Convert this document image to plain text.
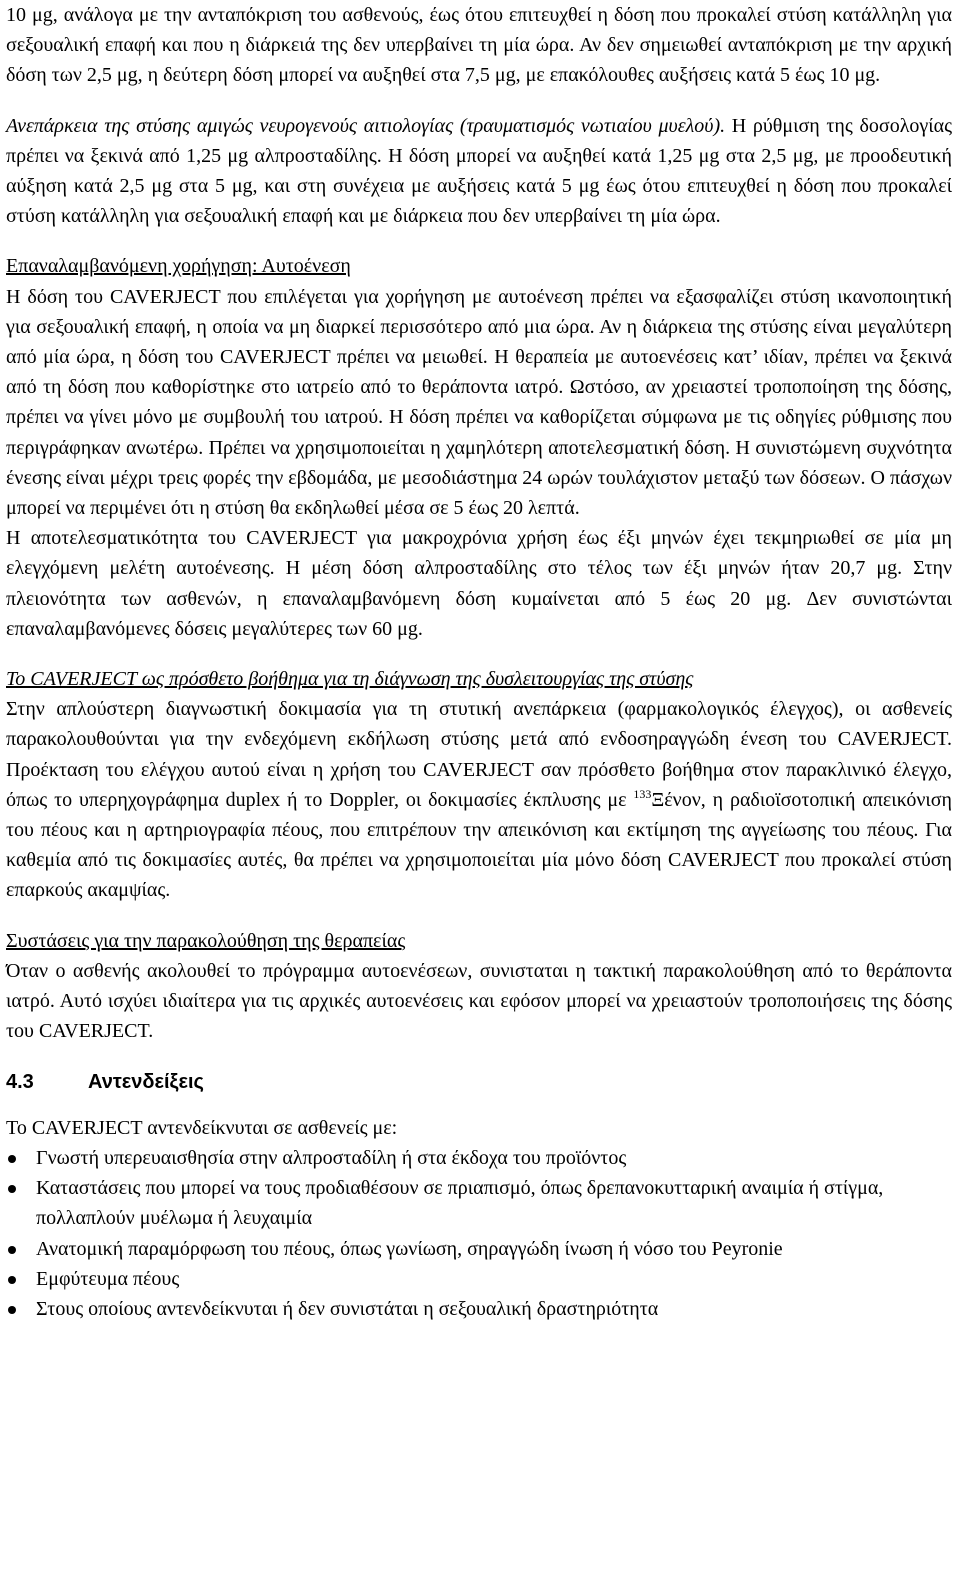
10 μg, ανάλογα με την ανταπόκριση του ασθενούς, έως ότου επιτευχθεί η δόση που προκαλεί στύση κατάλληλη για σεξουαλική επαφή και που η διάρκειά της δεν υπερβαίνει τη μία ώρα. Αν δεν σημειωθεί ανταπόκριση με την αρχική δόση των 2,5 μg, η δεύτερη δόση μπορεί να αυξηθεί στα 7,5 μg, με επακόλουθες αυξήσεις κατά 5 έως 10 μg.

Ανεπάρκεια της στύσης αμιγώς νευρογενούς αιτιολογίας (τραυματισμός νωτιαίου μυελού). Η ρύθμιση της δοσολογίας πρέπει να ξεκινά από 1,25 μg αλπροσταδίλης. Η δόση μπορεί να αυξηθεί κατά 1,25 μg στα 2,5 μg, με προοδευτική αύξηση κατά 2,5 μg στα 5 μg, και στη συνέχεια με αυξήσεις κατά 5 μg έως ότου επιτευχθεί η δόση που προκαλεί στύση κατάλληλη για σεξουαλική επαφή και με διάρκεια που δεν υπερβαίνει τη μία ώρα.

Επαναλαμβανόμενη χορήγηση: Αυτοένεση

Η δόση του CAVERJECT που επιλέγεται για χορήγηση με αυτοένεση πρέπει να εξασφαλίζει στύση ικανοποιητική για σεξουαλική επαφή, η οποία να μη διαρκεί περισσότερο από μια ώρα. Αν η διάρκεια της στύσης είναι μεγαλύτερη από μία ώρα, η δόση του CAVERJECT πρέπει να μειωθεί. Η θεραπεία με αυτοενέσεις κατ’ ιδίαν, πρέπει να ξεκινά από τη δόση που καθορίστηκε στο ιατρείο από το θεράποντα ιατρό. Ωστόσο, αν χρειαστεί τροποποίηση της δόσης, πρέπει να γίνει μόνο με συμβουλή του ιατρού. Η δόση πρέπει να καθορίζεται σύμφωνα με τις οδηγίες ρύθμισης που περιγράφηκαν ανωτέρω. Πρέπει να χρησιμοποιείται η χαμηλότερη αποτελεσματική δόση. Η συνιστώμενη συχνότητα ένεσης είναι μέχρι τρεις φορές την εβδομάδα, με μεσοδιάστημα 24 ωρών τουλάχιστον μεταξύ των δόσεων. Ο πάσχων μπορεί να περιμένει ότι η στύση θα εκδηλωθεί μέσα σε 5 έως 20 λεπτά.

Η αποτελεσματικότητα του CAVERJECT για μακροχρόνια χρήση έως έξι μηνών έχει τεκμηριωθεί σε μία μη ελεγχόμενη μελέτη αυτοένεσης. Η μέση δόση αλπροσταδίλης στο τέλος των έξι μηνών ήταν 20,7 μg. Στην πλειονότητα των ασθενών, η επαναλαμβανόμενη δόση κυμαίνεται από 5 έως 20 μg. Δεν συνιστώνται επαναλαμβανόμενες δόσεις μεγαλύτερες των 60 μg.

Το CAVERJECT ως πρόσθετο βοήθημα για τη διάγνωση της δυσλειτουργίας της στύσης

Στην απλούστερη διαγνωστική δοκιμασία για τη στυτική ανεπάρκεια (φαρμακολογικός έλεγχος), οι ασθενείς παρακολουθούνται για την ενδεχόμενη εκδήλωση στύσης μετά από ενδοσηραγγώδη ένεση του CAVERJECT. Προέκταση του ελέγχου αυτού είναι η χρήση του CAVERJECT σαν πρόσθετο βοήθημα στον παρακλινικό έλεγχο, όπως το υπερηχογράφημα duplex ή το Doppler, οι δοκιμασίες έκπλυσης με $^{133}$Ξένον, η ραδιοϊσοτοπική απεικόνιση του πέους και η αρτηριογραφία πέους, που επιτρέπουν την απεικόνιση και εκτίμηση της αγγείωσης του πέους. Για καθεμία από τις δοκιμασίες αυτές, θα πρέπει να χρησιμοποιείται μία μόνο δόση CAVERJECT που προκαλεί στύση επαρκούς ακαμψίας.

Συστάσεις για την παρακολούθηση της θεραπείας

Όταν ο ασθενής ακολουθεί το πρόγραμμα αυτοενέσεων, συνισταται η τακτική παρακολούθηση από το θεράποντα ιατρό. Αυτό ισχύει ιδιαίτερα για τις αρχικές αυτοενέσεις και εφόσον μπορεί να χρειαστούν τροποποιήσεις της δόσης του CAVERJECT.

4.3	Αντενδείξεις

Το CAVERJECT αντενδείκνυται σε ασθενείς με:

Γνωστή υπερευαισθησία στην αλπροσταδίλη ή στα έκδοχα του προϊόντος
Καταστάσεις που μπορεί να τους προδιαθέσουν σε πριαπισμό, όπως δρεπανοκυτταρική αναιμία ή στίγμα, πολλαπλούν μυέλωμα ή λευχαιμία
Ανατομική παραμόρφωση του πέους, όπως γωνίωση, σηραγγώδη ίνωση ή νόσο του Peyronie
Εμφύτευμα πέους
Στους οποίους αντενδείκνυται ή δεν συνιστάται η σεξουαλική δραστηριότητα
